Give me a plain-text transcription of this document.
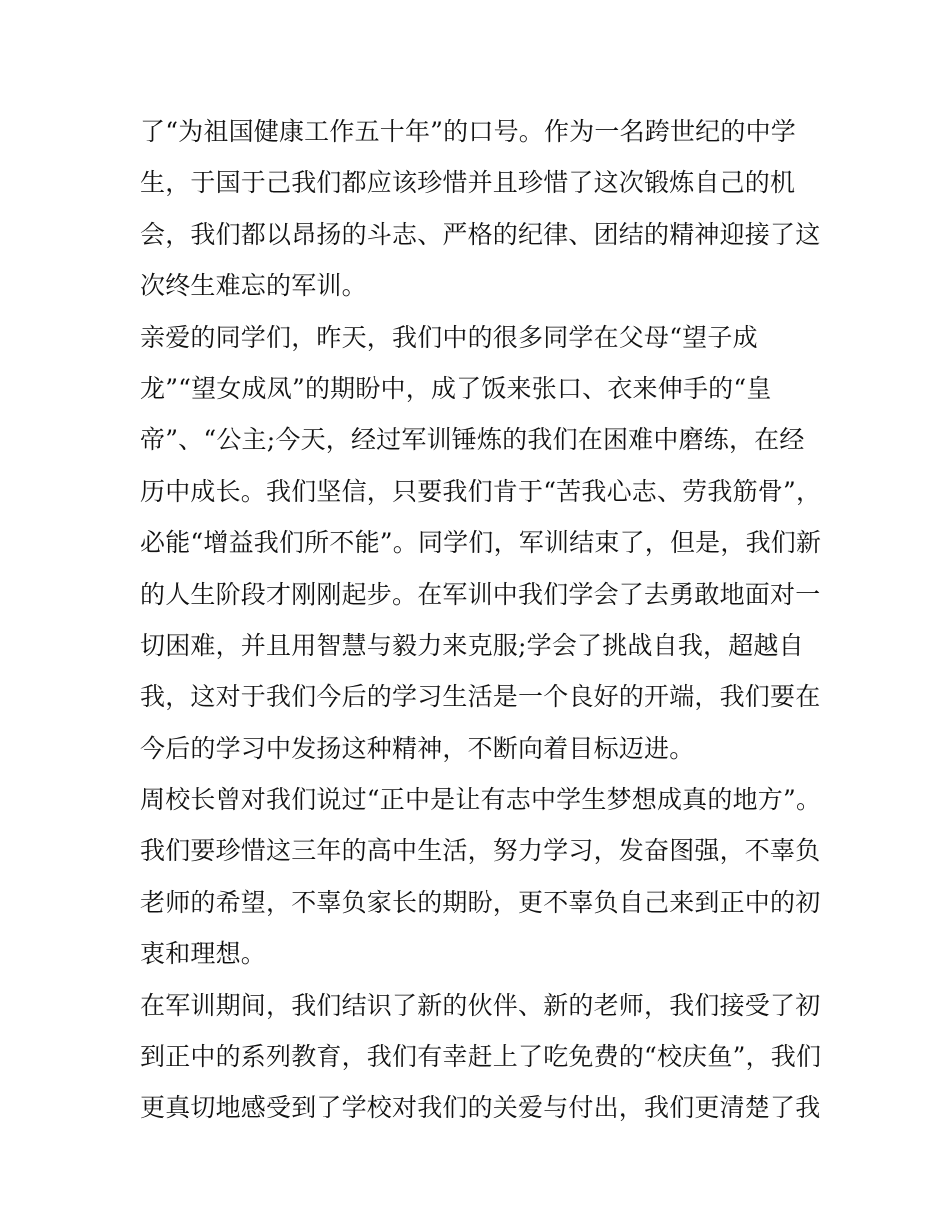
了“为祖国健康工作五十年”的口号。作为一名跨世纪的中学
生，于国于己我们都应该珍惜并且珍惜了这次锻炼自己的机
会，我们都以昂扬的斗志、严格的纪律、团结的精神迎接了这
次终生难忘的军训。
亲爱的同学们，昨天，我们中的很多同学在父母“望子成
龙”“望女成凤”的期盼中，成了饭来张口、衣来伸手的“皇
帝”、“公主;今天，经过军训锤炼的我们在困难中磨练，在经
历中成长。我们坚信，只要我们肯于“苦我心志、劳我筋骨”，
必能“增益我们所不能”。同学们，军训结束了，但是，我们新
的人生阶段才刚刚起步。在军训中我们学会了去勇敢地面对一
切困难，并且用智慧与毅力来克服;学会了挑战自我，超越自
我，这对于我们今后的学习生活是一个良好的开端，我们要在
今后的学习中发扬这种精神，不断向着目标迈进。
周校长曾对我们说过“正中是让有志中学生梦想成真的地方”。
我们要珍惜这三年的高中生活，努力学习，发奋图强，不辜负
老师的希望，不辜负家长的期盼，更不辜负自己来到正中的初
衷和理想。
在军训期间，我们结识了新的伙伴、新的老师，我们接受了初
到正中的系列教育，我们有幸赶上了吃免费的“校庆鱼”，我们
更真切地感受到了学校对我们的关爱与付出，我们更清楚了我
